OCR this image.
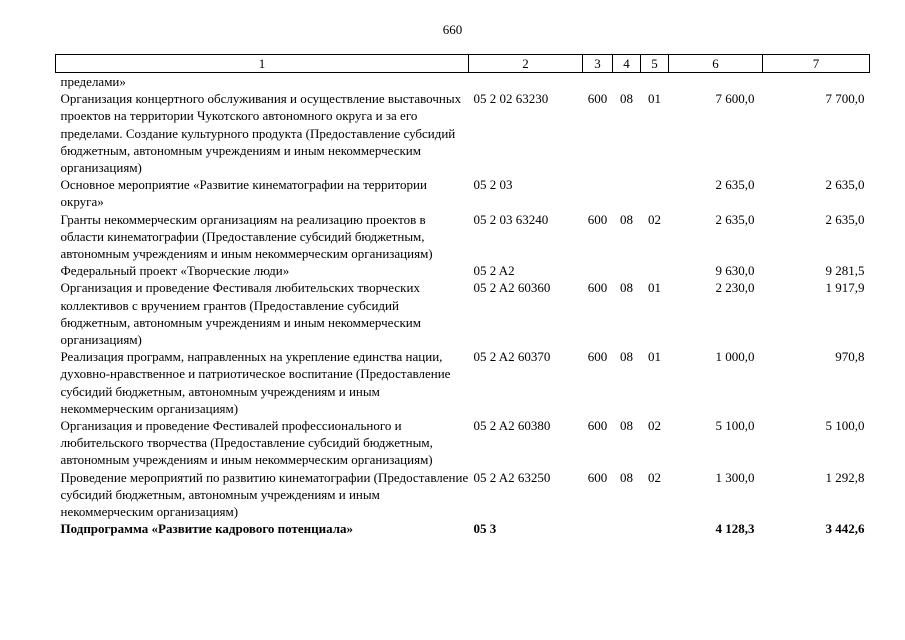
660
1	2	3	4	5	6	7
пределами»						
Организация концертного обслуживания и осуществление выставочных проектов на территории Чукотского автономного округа и за его пределами. Создание культурного продукта (Предоставление субсидий бюджетным, автономным учреждениям и иным некоммерческим организациям)	05 2 02 63230	600	08	01	7 600,0	7 700,0
Основное мероприятие «Развитие кинематографии на территории округа»	05 2 03				2 635,0	2 635,0
Гранты некоммерческим организациям на реализацию проектов в области кинематографии (Предоставление субсидий бюджетным, автономным учреждениям и иным некоммерческим организациям)	05 2 03 63240	600	08	02	2 635,0	2 635,0
Федеральный проект «Творческие люди»	05 2 A2				9 630,0	9 281,5
Организация и проведение Фестиваля любительских творческих коллективов с вручением грантов (Предоставление субсидий бюджетным, автономным учреждениям и иным некоммерческим организациям)	05 2 A2 60360	600	08	01	2 230,0	1 917,9
Реализация программ, направленных на укрепление единства нации, духовно-нравственное и патриотическое воспитание (Предоставление субсидий бюджетным, автономным учреждениям и иным некоммерческим организациям)	05 2 A2 60370	600	08	01	1 000,0	970,8
Организация и проведение Фестивалей профессионального и любительского творчества (Предоставление субсидий бюджетным, автономным учреждениям и иным некоммерческим организациям)	05 2 A2 60380	600	08	02	5 100,0	5 100,0
Проведение мероприятий по развитию кинематографии (Предоставление субсидий бюджетным, автономным учреждениям и иным некоммерческим организациям)	05 2 A2 63250	600	08	02	1 300,0	1 292,8
Подпрограмма «Развитие кадрового потенциала»	05 3				4 128,3	3 442,6
